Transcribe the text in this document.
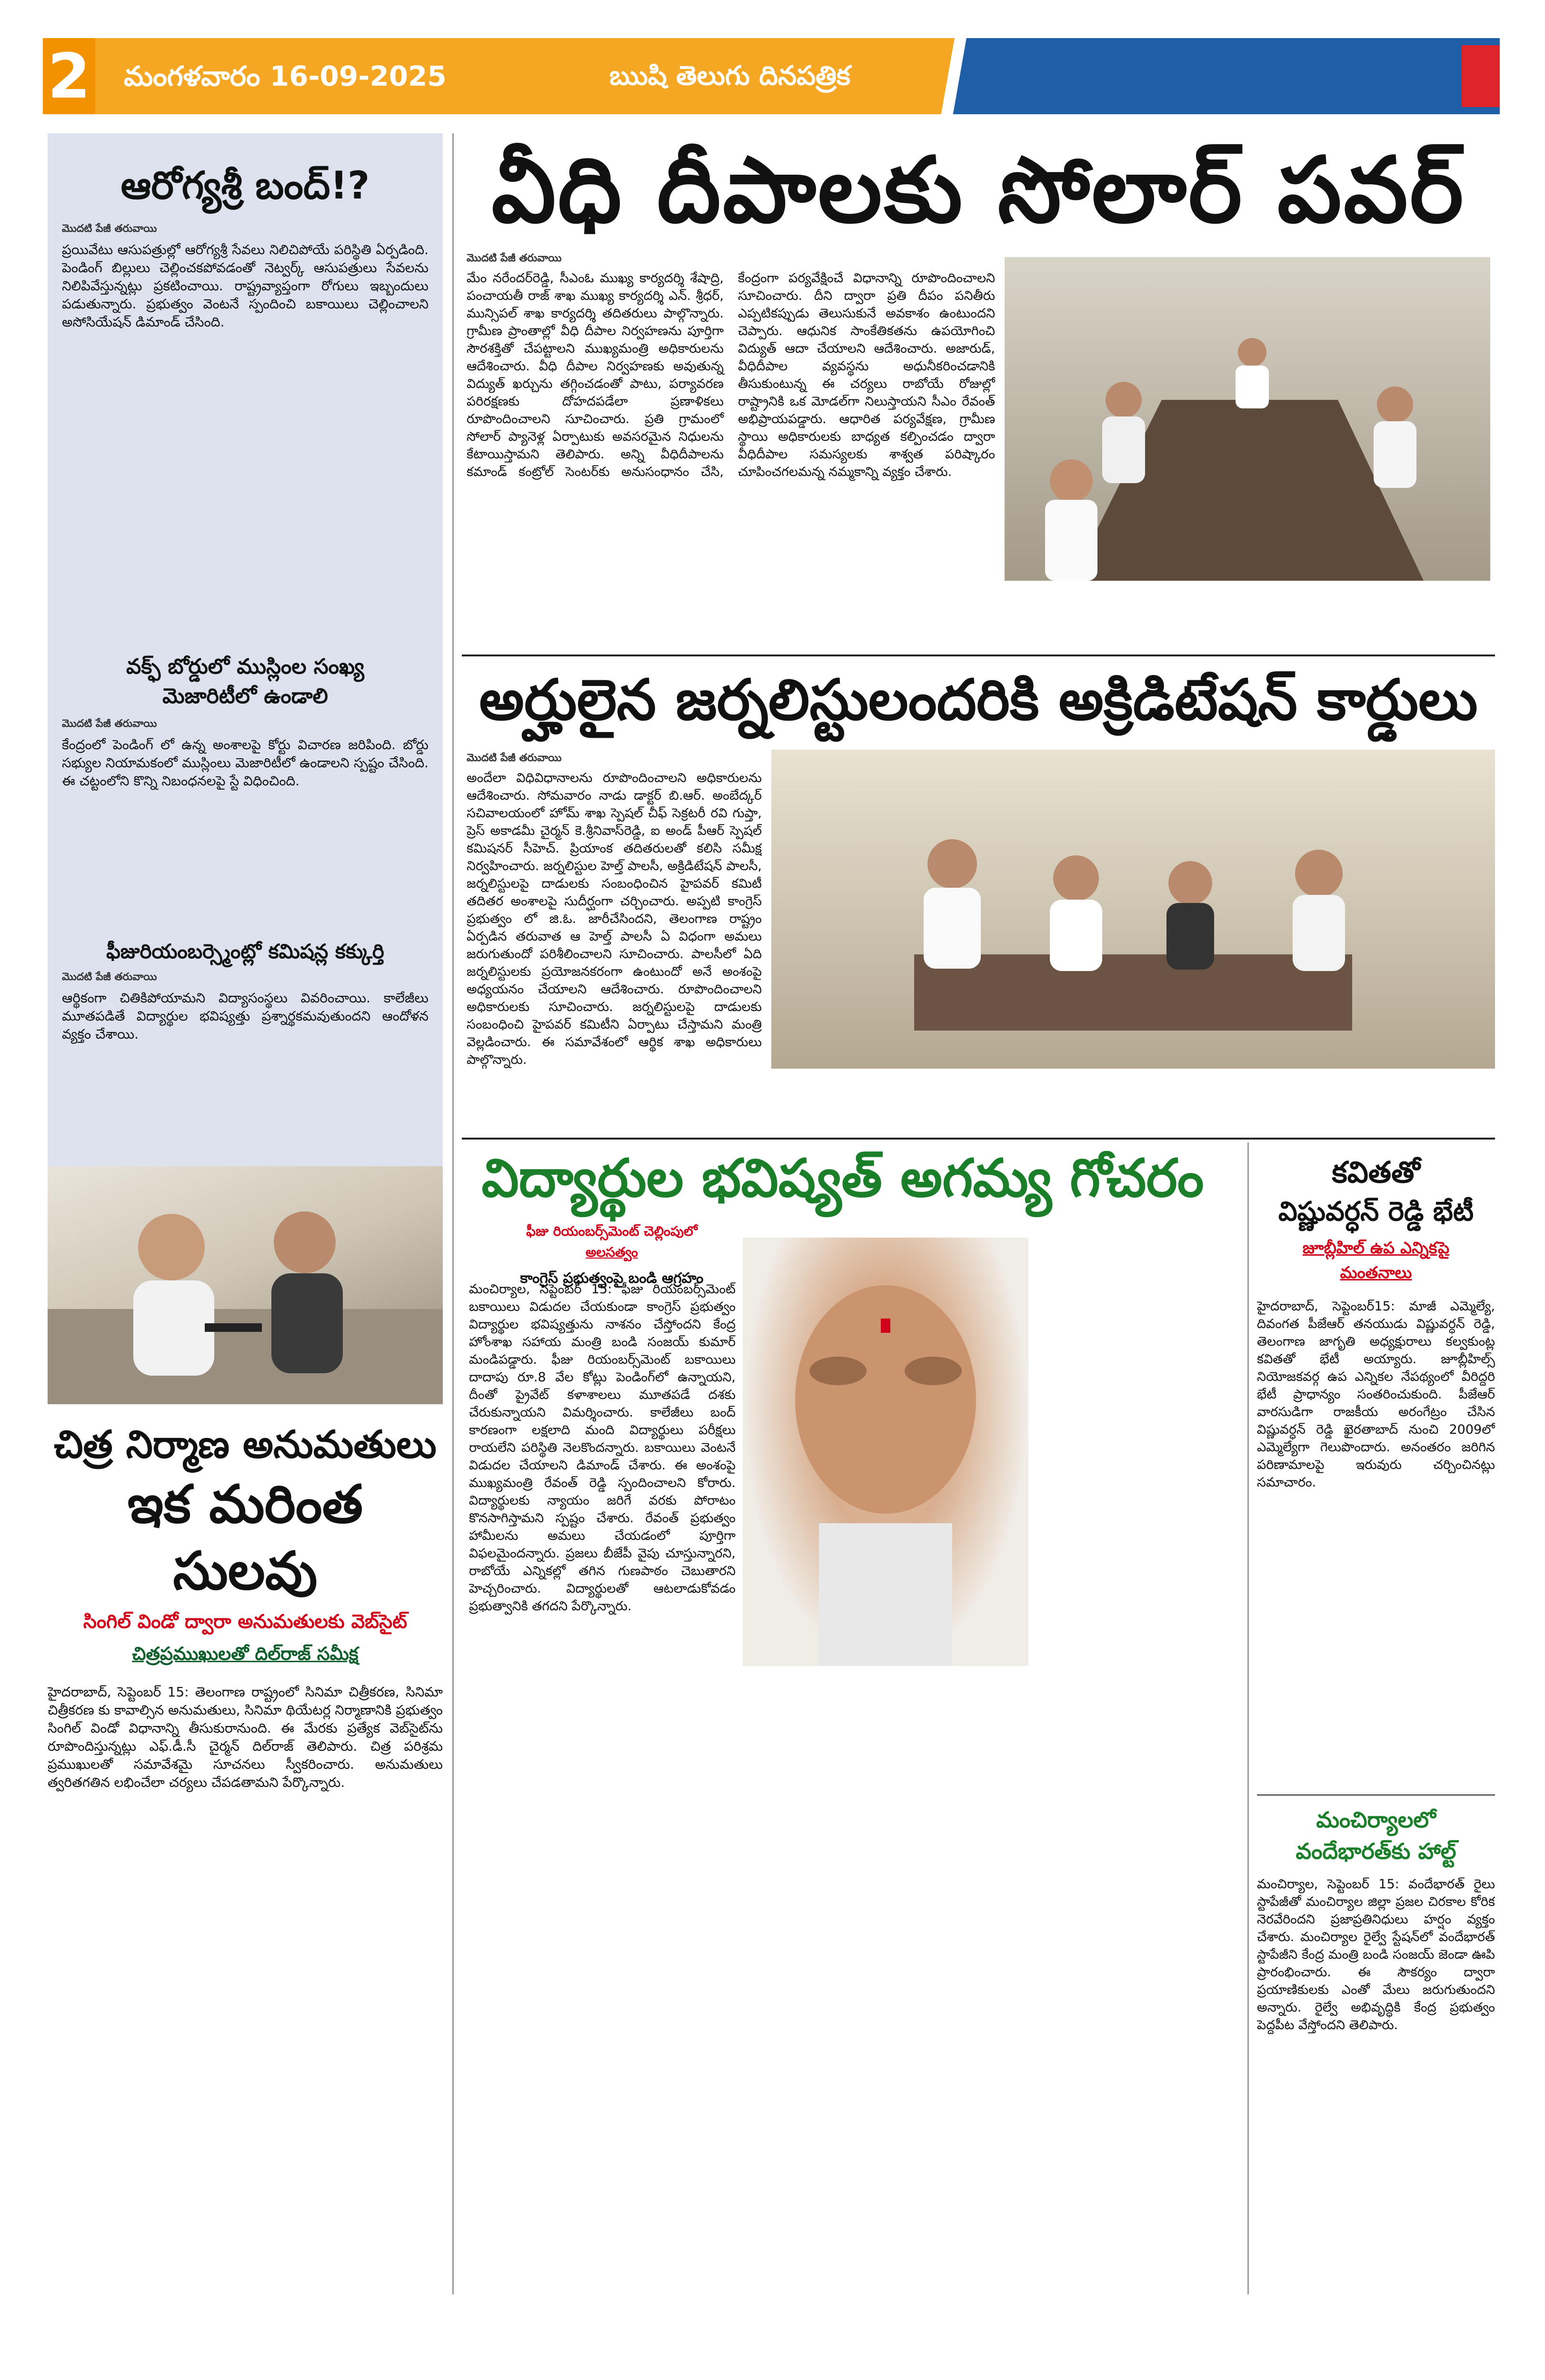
2	మంగళవారం 16-09-2025	ఋషి తెలుగు దినపత్రిక
ఆరోగ్యశ్రీ బంద్!?
మెుదటి పేజీ తరువాయి
ప్రయివేటు ఆసుపత్రుల్లో ఆరోగ్యశ్రీ సేవలు నిలిచిపోయే పరిస్థితి ఏర్పడింది. పెండింగ్ బిల్లులు చెల్లించకపోవడంతో నెట్వర్క్ ఆసుపత్రులు సేవలను నిలిపివేస్తున్నట్లు ప్రకటించాయి. రాష్ట్రవ్యాప్తంగా రోగులు ఇబ్బందులు పడుతున్నారు. ప్రభుత్వం వెంటనే స్పందించి బకాయిలు చెల్లించాలని అసోసియేషన్ డిమాండ్ చేసింది.
వక్ఫ్ బోర్డులో ముస్లింల సంఖ్య
మెజారిటీలో ఉండాలి
మెుదటి పేజీ తరువాయి
కేంద్రంలో పెండింగ్ లో ఉన్న అంశాలపై కోర్టు విచారణ జరిపింది. బోర్డు సభ్యుల నియామకంలో ముస్లింలు మెజారిటీలో ఉండాలని స్పష్టం చేసింది. ఈ చట్టంలోని కొన్ని నిబంధనలపై స్టే విధించింది.
ఫీజురియంబర్స్మెంట్లో కమిషన్ల కక్కుర్తి
మెుదటి పేజీ తరువాయి
ఆర్థికంగా చితికిపోయామని విద్యాసంస్థలు వివరించాయి. కాలేజీలు మూతపడితే విద్యార్థుల భవిష్యత్తు ప్రశ్నార్థకమవుతుందని ఆందోళన వ్యక్తం చేశాయి.
చిత్ర నిర్మాణ అనుమతులు
ఇక మరింత సులవు
సింగిల్ విండో ద్వారా అనుమతులకు వెబ్‌సైట్
చిత్రప్రముఖులతో దిల్‌రాజ్ సమీక్ష
హైదరాబాద్, సెప్టెంబర్ 15: తెలంగాణ రాష్ట్రంలో సినిమా చిత్రీకరణ, సినిమా చిత్రీకరణ కు కావాల్సిన అనుమతులు, సినిమా థియేటర్ల నిర్మాణానికి ప్రభుత్వం సింగిల్ విండో విధానాన్ని తీసుకురానుంది. ఈ మేరకు ప్రత్యేక వెబ్‌సైట్‌ను రూపొందిస్తున్నట్లు ఎఫ్.డీ.సీ చైర్మన్ దిల్‌రాజ్ తెలిపారు. చిత్ర పరిశ్రమ ప్రముఖులతో సమావేశమై సూచనలు స్వీకరించారు. అనుమతులు త్వరితగతిన లభించేలా చర్యలు చేపడతామని పేర్కొన్నారు.
వీధి దీపాలకు సోలార్ పవర్
మెుదటి పేజీ తరువాయి
మేం నరేందర్‌రెడ్డి, సీఎంఓ ముఖ్య కార్యదర్శి శేషాద్రి, పంచాయతీ రాజ్ శాఖ ముఖ్య కార్యదర్శి ఎన్. శ్రీధర్, మున్సిపల్ శాఖ కార్యదర్శి తదితరులు పాల్గొన్నారు. గ్రామీణ ప్రాంతాల్లో వీధి దీపాల నిర్వహణను పూర్తిగా సౌరశక్తితో చేపట్టాలని ముఖ్యమంత్రి అధికారులను ఆదేశించారు. వీధి దీపాల నిర్వహణకు అవుతున్న విద్యుత్ ఖర్చును తగ్గించడంతో పాటు, పర్యావరణ పరిరక్షణకు దోహదపడేలా ప్రణాళికలు రూపొందించాలని సూచించారు. ప్రతి గ్రామంలో సోలార్ ప్యానెళ్ల ఏర్పాటుకు అవసరమైన నిధులను కేటాయిస్తామని తెలిపారు. అన్ని వీధిదీపాలను కమాండ్ కంట్రోల్ సెంటర్‌కు అనుసంధానం చేసి, కేంద్రంగా పర్యవేక్షించే విధానాన్ని రూపొందించాలని సూచించారు. దీని ద్వారా ప్రతి దీపం పనితీరు ఎప్పటికప్పుడు తెలుసుకునే అవకాశం ఉంటుందని చెప్పారు. ఆధునిక సాంకేతికతను ఉపయోగించి విద్యుత్ ఆదా చేయాలని ఆదేశించారు. అజారుడ్, వీధిదీపాల వ్యవస్థను అధునీకరించడానికి తీసుకుంటున్న ఈ చర్యలు రాబోయే రోజుల్లో రాష్ట్రానికి ఒక మోడల్‌గా నిలుస్తాయని సీఎం రేవంత్ అభిప్రాయపడ్డారు. ఆధారిత పర్యవేక్షణ, గ్రామీణ స్థాయి అధికారులకు బాధ్యత కల్పించడం ద్వారా వీధిదీపాల సమస్యలకు శాశ్వత పరిష్కారం చూపించగలమన్న నమ్మకాన్ని వ్యక్తం చేశారు.
అర్హులైన జర్నలిస్టులందరికి అక్రిడిటేషన్ కార్డులు
మెుదటి పేజీ తరువాయి
అందేలా విధివిధానాలను రూపొందించాలని అధికారులను ఆదేశించారు. సోమవారం నాడు డాక్టర్ బి.ఆర్. అంబేద్కర్ సచివాలయంలో హోమ్ శాఖ స్పెషల్ చీఫ్ సెక్రటరీ రవి గుప్తా, ప్రెస్ అకాడమీ చైర్మన్ కె.శ్రీనివాస్‌రెడ్డి, ఐ అండ్ పీఆర్ స్పెషల్ కమిషనర్ సీహెచ్. ప్రియాంక తదితరులతో కలిసి సమీక్ష నిర్వహించారు. జర్నలిస్టుల హెల్త్ పాలసీ, అక్రిడిటేషన్ పాలసీ, జర్నలిస్టులపై దాడులకు సంబంధించిన హైపవర్ కమిటీ తదితర అంశాలపై సుదీర్ఘంగా చర్చించారు. అప్పటి కాంగ్రెస్ ప్రభుత్వం లో జి.ఓ. జారీచేసిందని, తెలంగాణ రాష్ట్రం ఏర్పడిన తరువాత ఆ హెల్త్ పాలసీ ఏ విధంగా అమలు జరుగుతుందో పరిశీలించాలని సూచించారు. పాలసీలో ఏది జర్నలిస్టులకు ప్రయోజనకరంగా ఉంటుందో అనే అంశంపై అధ్యయనం చేయాలని ఆదేశించారు. రూపొందించాలని అధికారులకు సూచించారు. జర్నలిస్టులపై దాడులకు సంబంధించి హైపవర్ కమిటీని ఏర్పాటు చేస్తామని మంత్రి వెల్లడించారు. ఈ సమావేశంలో ఆర్థిక శాఖ అధికారులు పాల్గొన్నారు.
విద్యార్థుల భవిష్యత్ అగమ్య గోచరం
ఫీజు రియంబర్స్‌మెంట్ చెల్లింపులో
అలసత్వం
కాంగ్రెస్ ప్రభుత్వంపై బండి ఆగ్రహం
మంచిర్యాల, సెప్టెంబర్ 15: ఫీజు రియంబర్స్‌మెంట్ బకాయిలు విడుదల చేయకుండా కాంగ్రెస్ ప్రభుత్వం విద్యార్థుల భవిష్యత్తును నాశనం చేస్తోందని కేంద్ర హోంశాఖ సహాయ మంత్రి బండి సంజయ్ కుమార్ మండిపడ్డారు. ఫీజు రియంబర్స్‌మెంట్ బకాయిలు దాదాపు రూ.8 వేల కోట్లు పెండింగ్‌లో ఉన్నాయని, దీంతో ప్రైవేట్ కళాశాలలు మూతపడే దశకు చేరుకున్నాయని విమర్శించారు. కాలేజీలు బంద్ కారణంగా లక్షలాది మంది విద్యార్థులు పరీక్షలు రాయలేని పరిస్థితి నెలకొందన్నారు. బకాయిలు వెంటనే విడుదల చేయాలని డిమాండ్ చేశారు. ఈ అంశంపై ముఖ్యమంత్రి రేవంత్ రెడ్డి స్పందించాలని కోరారు. విద్యార్థులకు న్యాయం జరిగే వరకు పోరాటం కొనసాగిస్తామని స్పష్టం చేశారు. రేవంత్ ప్రభుత్వం హామీలను అమలు చేయడంలో పూర్తిగా విఫలమైందన్నారు. ప్రజలు బీజేపీ వైపు చూస్తున్నారని, రాబోయే ఎన్నికల్లో తగిన గుణపాఠం చెబుతారని హెచ్చరించారు. విద్యార్థులతో ఆటలాడుకోవడం ప్రభుత్వానికి తగదని పేర్కొన్నారు.
కవితతో
విష్ణువర్ధన్ రెడ్డి భేటీ
జూబ్లీహిల్ ఉప ఎన్నికపై
మంతనాలు
హైదరాబాద్, సెప్టెంబర్15: మాజీ ఎమ్మెల్యే, దివంగత పీజేఆర్ తనయుడు విష్ణువర్ధన్ రెడ్డి, తెలంగాణ జాగృతి అధ్యక్షురాలు కల్వకుంట్ల కవితతో భేటీ అయ్యారు. జూబ్లీహిల్స్ నియోజకవర్గ ఉప ఎన్నికల నేపథ్యంలో వీరిద్దరి భేటీ ప్రాధాన్యం సంతరించుకుంది. పీజేఆర్ వారసుడిగా రాజకీయ అరంగేట్రం చేసిన విష్ణువర్ధన్ రెడ్డి ఖైరతాబాద్ నుంచి 2009లో ఎమ్మెల్యేగా గెలుపొందారు. అనంతరం జరిగిన పరిణామాలపై ఇరువురు చర్చించినట్లు సమాచారం.
మంచిర్యాలలో
వందేభారత్‌కు హాల్ట్
మంచిర్యాల, సెప్టెంబర్ 15: వందేభారత్ రైలు స్టాపేజీతో మంచిర్యాల జిల్లా ప్రజల చిరకాల కోరిక నెరవేరిందని ప్రజాప్రతినిధులు హర్షం వ్యక్తం చేశారు. మంచిర్యాల రైల్వే స్టేషన్‌లో వందేభారత్ స్టాపేజీని కేంద్ర మంత్రి బండి సంజయ్ జెండా ఊపి ప్రారంభించారు. ఈ సౌకర్యం ద్వారా ప్రయాణికులకు ఎంతో మేలు జరుగుతుందని అన్నారు. రైల్వే అభివృద్ధికి కేంద్ర ప్రభుత్వం పెద్దపీట వేస్తోందని తెలిపారు.
